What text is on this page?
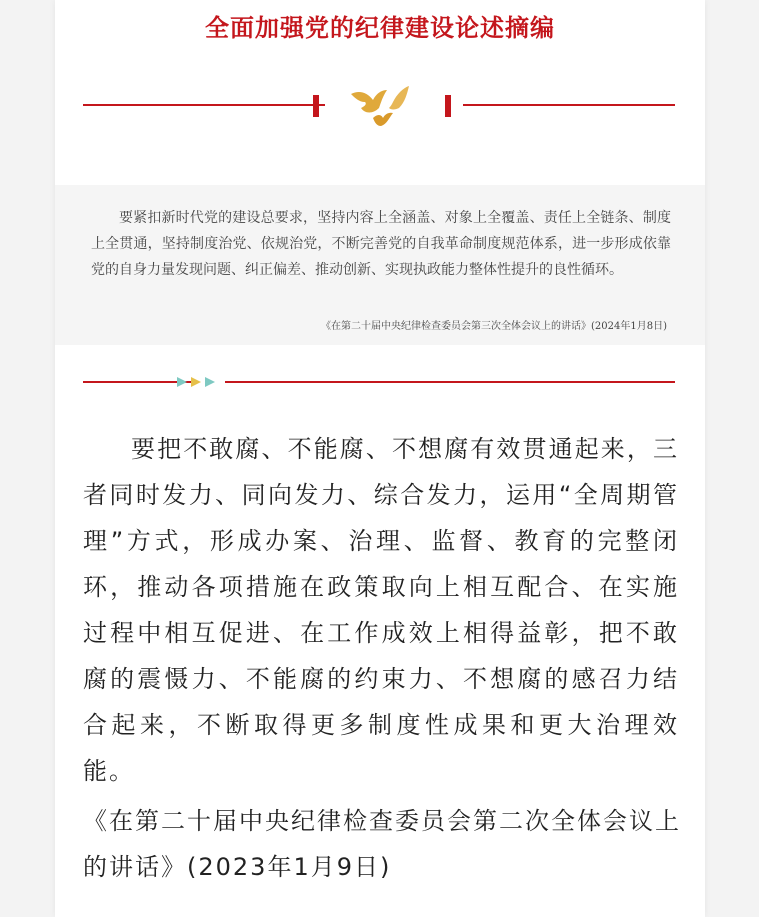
全面加强党的纪律建设论述摘编
要紧扣新时代党的建设总要求，坚持内容上全涵盖、对象上全覆盖、责任上全链条、制度上全贯通，坚持制度治党、依规治党，不断完善党的自我革命制度规范体系，进一步形成依靠党的自身力量发现问题、纠正偏差、推动创新、实现执政能力整体性提升的良性循环。
《在第二十届中央纪律检查委员会第三次全体会议上的讲话》(2024年1月8日)
要把不敢腐、不能腐、不想腐有效贯通起来，三者同时发力、同向发力、综合发力，运用“全周期管理”方式，形成办案、治理、监督、教育的完整闭环，推动各项措施在政策取向上相互配合、在实施过程中相互促进、在工作成效上相得益彰，把不敢腐的震慑力、不能腐的约束力、不想腐的感召力结合起来，不断取得更多制度性成果和更大治理效能。
《在第二十届中央纪律检查委员会第二次全体会议上的讲话》(2023年1月9日)
